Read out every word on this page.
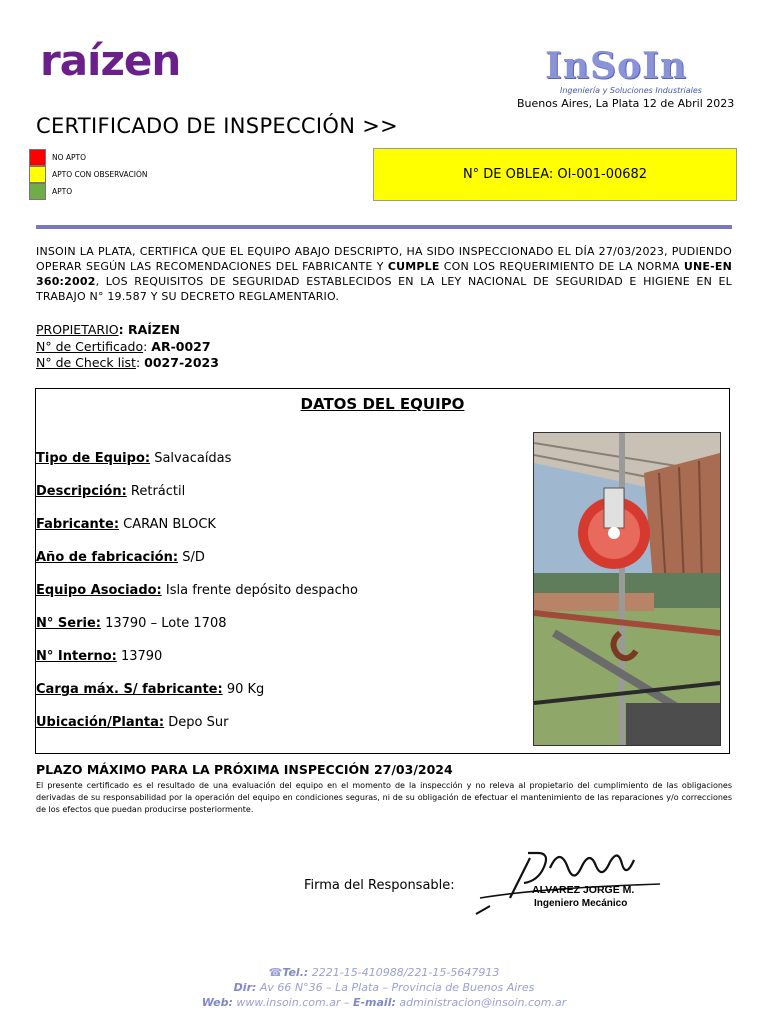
raízen	InSoIn
Ingeniería y Soluciones Industriales
Buenos Aires, La Plata 12 de Abril 2023
CERTIFICADO DE INSPECCIÓN >>
NO APTO
APTO CON OBSERVACIÓN
APTO
N° DE OBLEA: OI-001-00682
INSOIN LA PLATA, CERTIFICA QUE EL EQUIPO ABAJO DESCRIPTO, HA SIDO INSPECCIONADO EL DÍA 27/03/2023, PUDIENDO OPERAR SEGÚN LAS RECOMENDACIONES DEL FABRICANTE Y CUMPLE CON LOS REQUERIMIENTO DE LA NORMA UNE-EN 360:2002, LOS REQUISITOS DE SEGURIDAD ESTABLECIDOS EN LA LEY NACIONAL DE SEGURIDAD E HIGIENE EN EL TRABAJO N° 19.587 Y SU DECRETO REGLAMENTARIO.
PROPIETARIO: RAÍZEN
N° de Certificado: AR-0027
N° de Check list: 0027-2023
DATOS DEL EQUIPO
Tipo de Equipo: Salvacaídas
Descripción: Retráctil
Fabricante: CARAN BLOCK
Año de fabricación: S/D
Equipo Asociado: Isla frente depósito despacho
N° Serie: 13790 – Lote 1708
N° Interno: 13790
Carga máx. S/ fabricante: 90 Kg
Ubicación/Planta: Depo Sur
PLAZO MÁXIMO PARA LA PRÓXIMA INSPECCIÓN 27/03/2024
El presente certificado es el resultado de una evaluación del equipo en el momento de la inspección y no releva al propietario del cumplimiento de las obligaciones derivadas de su responsabilidad por la operación del equipo en condiciones seguras, ni de su obligación de efectuar el mantenimiento de las reparaciones y/o correcciones de los efectos que puedan producirse posteriormente.
Firma del Responsable:	ALVAREZ JORGE M.
Ingeniero Mecánico
☎Tel.: 2221-15-410988/221-15-5647913
Dir: Av 66 N°36 – La Plata – Provincia de Buenos Aires
Web: www.insoin.com.ar – E-mail: administracion@insoin.com.ar
